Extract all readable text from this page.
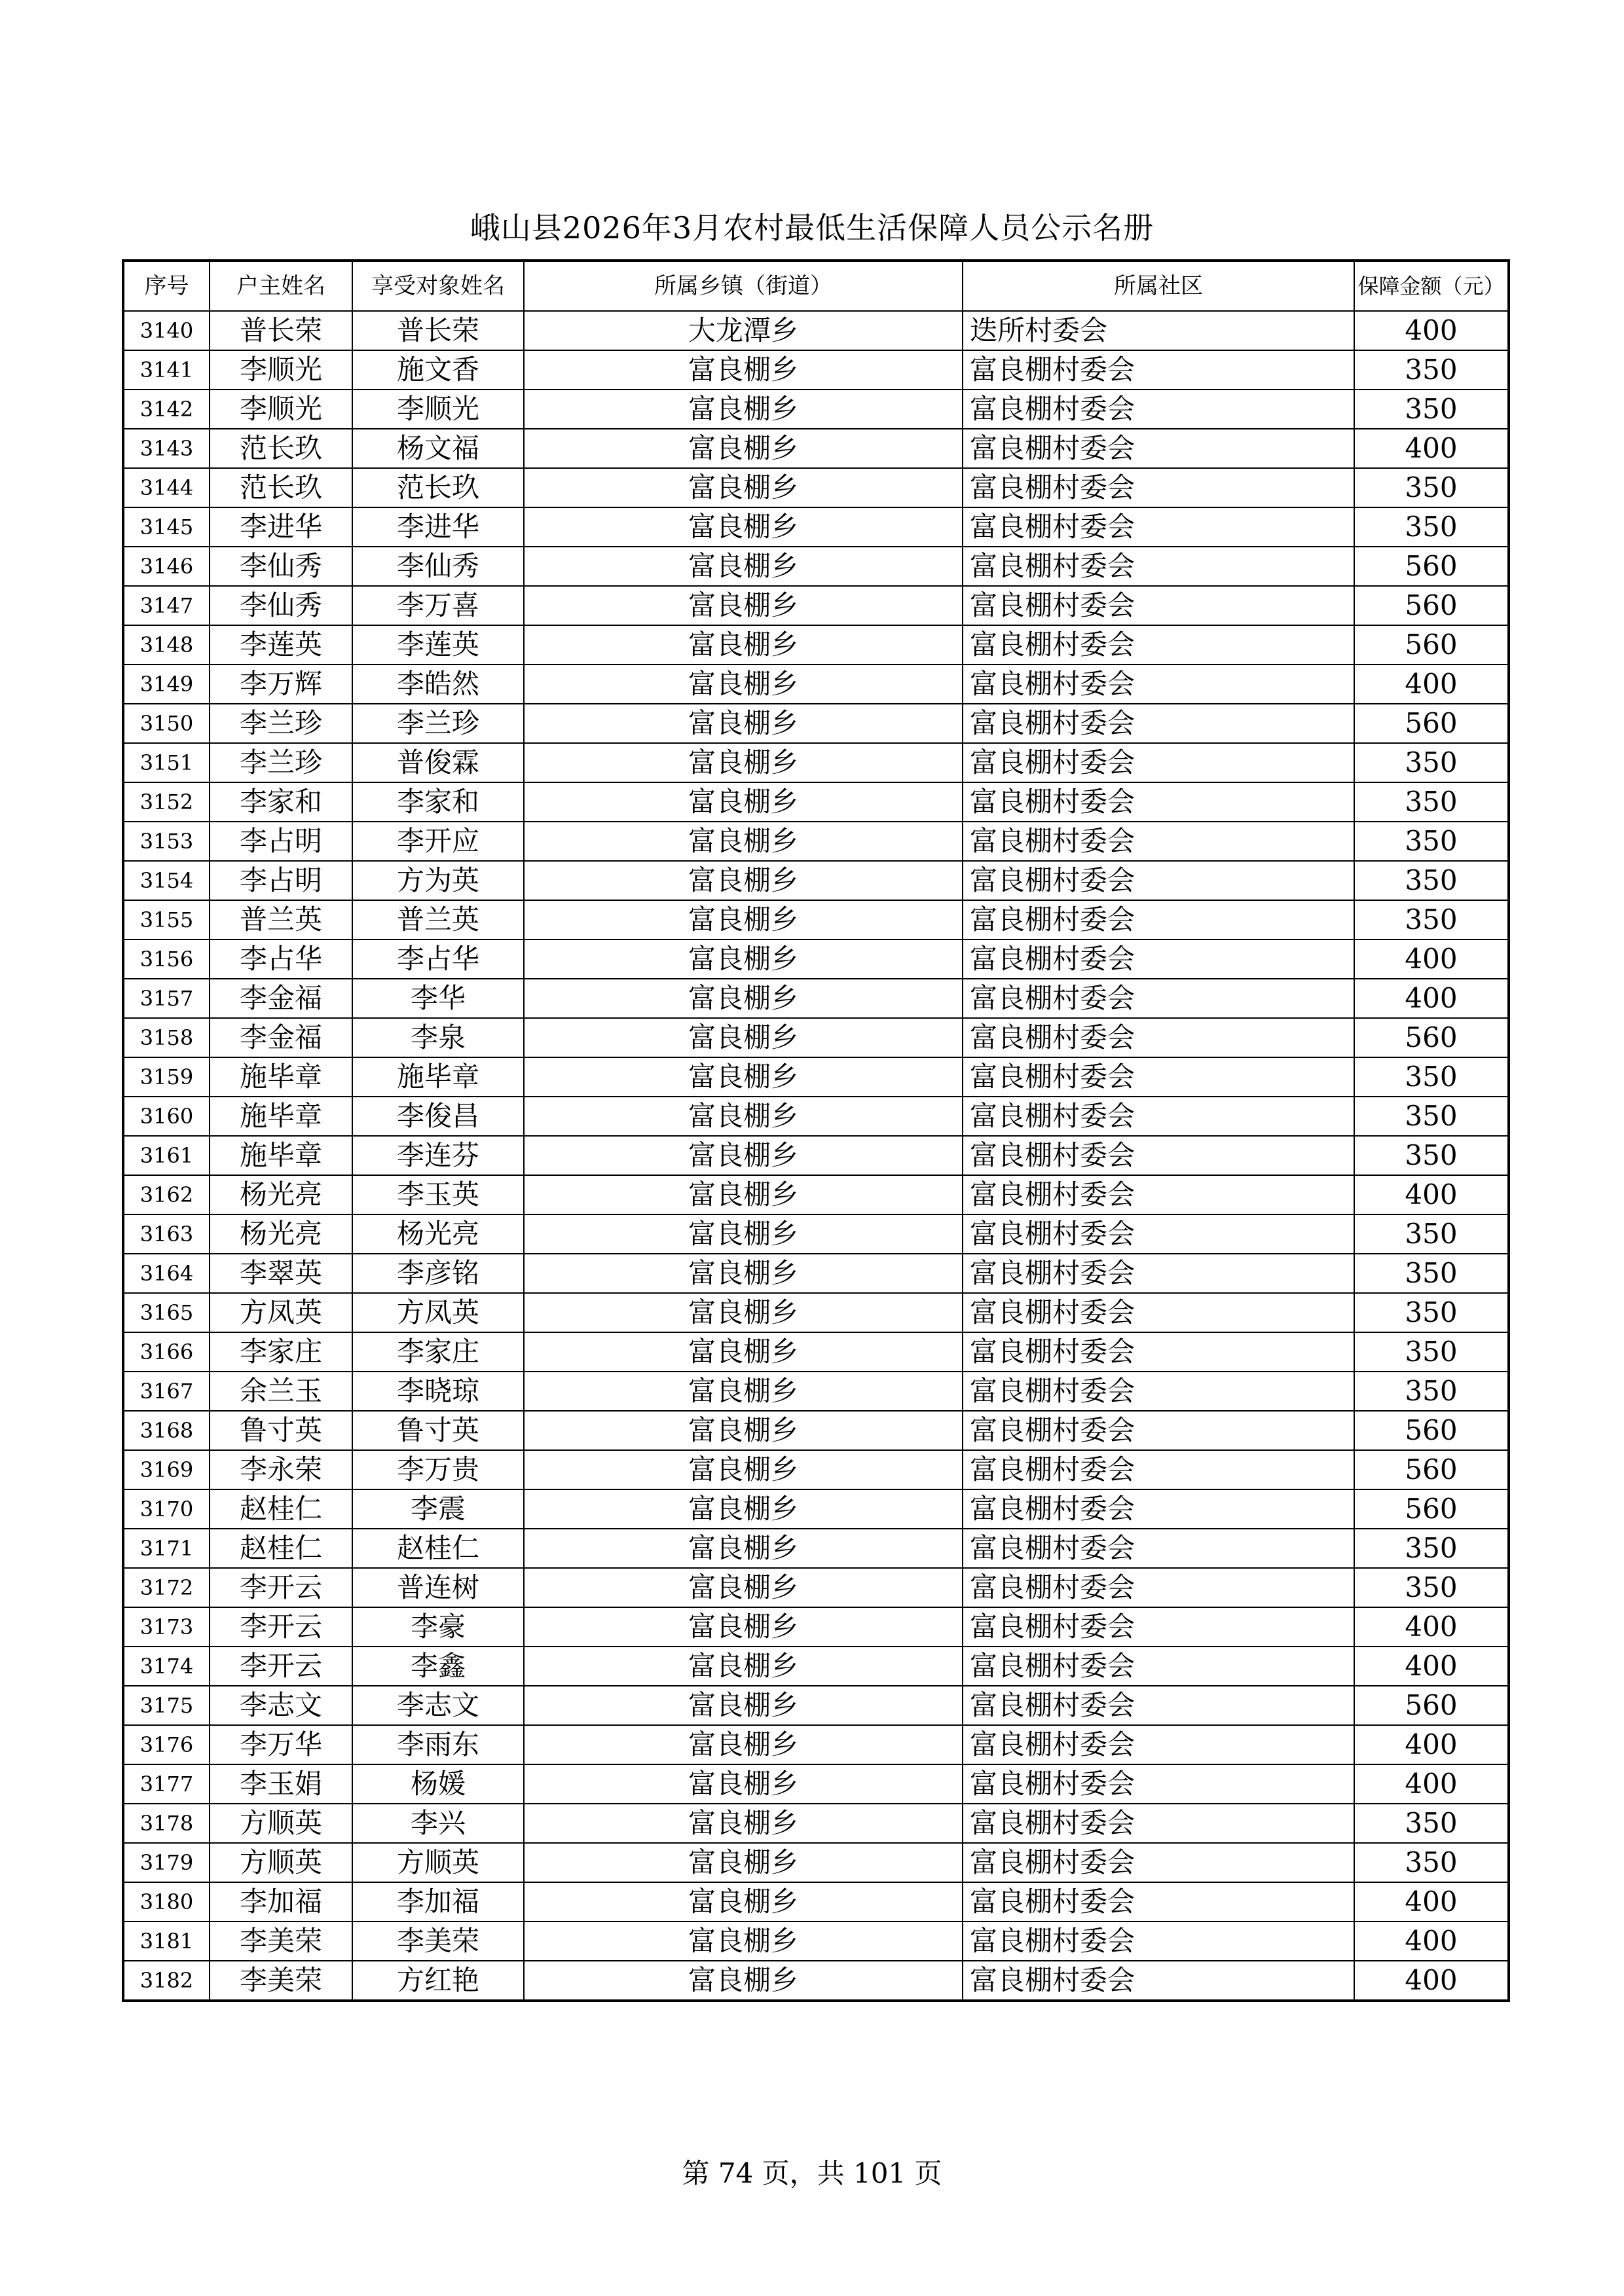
峨山县2026年3月农村最低生活保障人员公示名册
序号	户主姓名	享受对象姓名	所属乡镇（街道）	所属社区	保障金额（元）
3140	普长荣	普长荣	大龙潭乡	迭所村委会	400
3141	李顺光	施文香	富良棚乡	富良棚村委会	350
3142	李顺光	李顺光	富良棚乡	富良棚村委会	350
3143	范长玖	杨文福	富良棚乡	富良棚村委会	400
3144	范长玖	范长玖	富良棚乡	富良棚村委会	350
3145	李进华	李进华	富良棚乡	富良棚村委会	350
3146	李仙秀	李仙秀	富良棚乡	富良棚村委会	560
3147	李仙秀	李万喜	富良棚乡	富良棚村委会	560
3148	李莲英	李莲英	富良棚乡	富良棚村委会	560
3149	李万辉	李皓然	富良棚乡	富良棚村委会	400
3150	李兰珍	李兰珍	富良棚乡	富良棚村委会	560
3151	李兰珍	普俊霖	富良棚乡	富良棚村委会	350
3152	李家和	李家和	富良棚乡	富良棚村委会	350
3153	李占明	李开应	富良棚乡	富良棚村委会	350
3154	李占明	方为英	富良棚乡	富良棚村委会	350
3155	普兰英	普兰英	富良棚乡	富良棚村委会	350
3156	李占华	李占华	富良棚乡	富良棚村委会	400
3157	李金福	李华	富良棚乡	富良棚村委会	400
3158	李金福	李泉	富良棚乡	富良棚村委会	560
3159	施毕章	施毕章	富良棚乡	富良棚村委会	350
3160	施毕章	李俊昌	富良棚乡	富良棚村委会	350
3161	施毕章	李连芬	富良棚乡	富良棚村委会	350
3162	杨光亮	李玉英	富良棚乡	富良棚村委会	400
3163	杨光亮	杨光亮	富良棚乡	富良棚村委会	350
3164	李翠英	李彦铭	富良棚乡	富良棚村委会	350
3165	方凤英	方凤英	富良棚乡	富良棚村委会	350
3166	李家庄	李家庄	富良棚乡	富良棚村委会	350
3167	余兰玉	李晓琼	富良棚乡	富良棚村委会	350
3168	鲁寸英	鲁寸英	富良棚乡	富良棚村委会	560
3169	李永荣	李万贵	富良棚乡	富良棚村委会	560
3170	赵桂仁	李震	富良棚乡	富良棚村委会	560
3171	赵桂仁	赵桂仁	富良棚乡	富良棚村委会	350
3172	李开云	普连树	富良棚乡	富良棚村委会	350
3173	李开云	李豪	富良棚乡	富良棚村委会	400
3174	李开云	李鑫	富良棚乡	富良棚村委会	400
3175	李志文	李志文	富良棚乡	富良棚村委会	560
3176	李万华	李雨东	富良棚乡	富良棚村委会	400
3177	李玉娟	杨媛	富良棚乡	富良棚村委会	400
3178	方顺英	李兴	富良棚乡	富良棚村委会	350
3179	方顺英	方顺英	富良棚乡	富良棚村委会	350
3180	李加福	李加福	富良棚乡	富良棚村委会	400
3181	李美荣	李美荣	富良棚乡	富良棚村委会	400
3182	李美荣	方红艳	富良棚乡	富良棚村委会	400
第 74 页，共 101 页
